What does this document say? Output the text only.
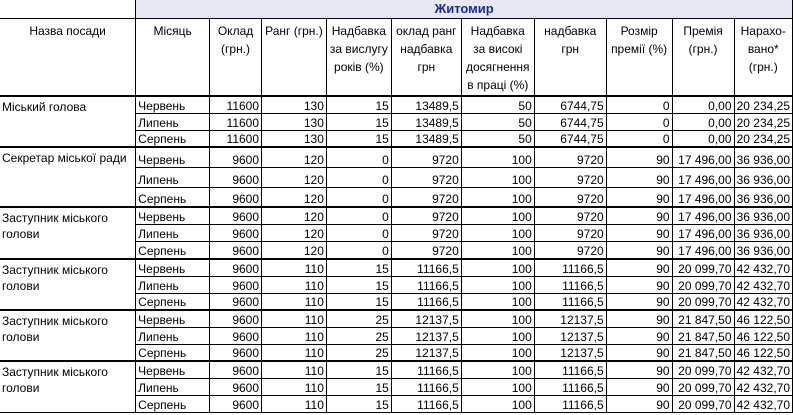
	Житомир									
Назва посади	Місяць	Оклад (грн.)	Ранг (грн.)	Надбавка за вислугу років (%)	оклад ранг надбавка грн	Надбавка за високі досягнення в праці (%)	надбавка грн	Розмір премії (%)	Премія (грн.)	Нарахо-вано* (грн.)
Міський голова	Червень	11600	130	15	13489,5	50	6744,75	0	0,00	20 234,25
	Липень	11600	130	15	13489,5	50	6744,75	0	0,00	20 234,25
	Серпень	11600	130	15	13489,5	50	6744,75	0	0,00	20 234,25
Секретар міської ради	Червень	9600	120	0	9720	100	9720	90	17 496,00	36 936,00
	Липень	9600	120	0	9720	100	9720	90	17 496,00	36 936,00
	Серпень	9600	120	0	9720	100	9720	90	17 496,00	36 936,00
Заступник міського голови	Червень	9600	120	0	9720	100	9720	90	17 496,00	36 936,00
	Липень	9600	120	0	9720	100	9720	90	17 496,00	36 936,00
	Серпень	9600	120	0	9720	100	9720	90	17 496,00	36 936,00
Заступник міського голови	Червень	9600	110	15	11166,5	100	11166,5	90	20 099,70	42 432,70
	Липень	9600	110	15	11166,5	100	11166,5	90	20 099,70	42 432,70
	Серпень	9600	110	15	11166,5	100	11166,5	90	20 099,70	42 432,70
Заступник міського голови	Червень	9600	110	25	12137,5	100	12137,5	90	21 847,50	46 122,50
	Липень	9600	110	25	12137,5	100	12137,5	90	21 847,50	46 122,50
	Серпень	9600	110	25	12137,5	100	12137,5	90	21 847,50	46 122,50
Заступник міського голови	Червень	9600	110	15	11166,5	100	11166,5	90	20 099,70	42 432,70
	Липень	9600	110	15	11166,5	100	11166,5	90	20 099,70	42 432,70
	Серпень	9600	110	15	11166,5	100	11166,5	90	20 099,70	42 432,70
